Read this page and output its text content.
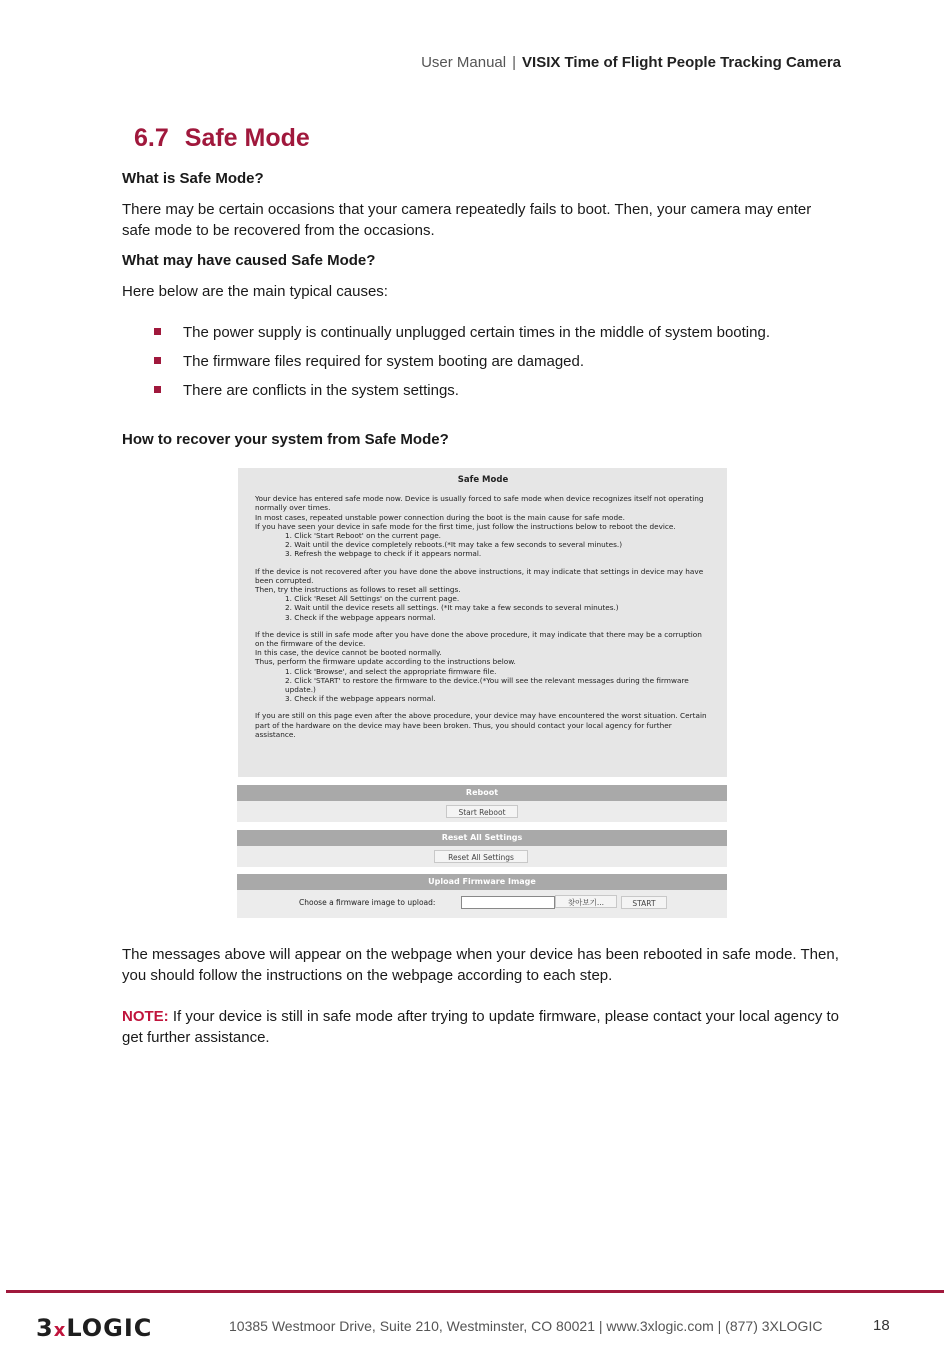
User Manual | VISIX Time of Flight People Tracking Camera
6.7 Safe Mode
What is Safe Mode?
There may be certain occasions that your camera repeatedly fails to boot. Then, your camera may enter safe mode to be recovered from the occasions.
What may have caused Safe Mode?
Here below are the main typical causes:
The power supply is continually unplugged certain times in the middle of system booting.
The firmware files required for system booting are damaged.
There are conflicts in the system settings.
How to recover your system from Safe Mode?
Safe Mode
Your device has entered safe mode now. Device is usually forced to safe mode when device recognizes itself not operating normally over times.
In most cases, repeated unstable power connection during the boot is the main cause for safe mode.
If you have seen your device in safe mode for the first time, just follow the instructions below to reboot the device.
1. Click 'Start Reboot' on the current page.
2. Wait until the device completely reboots.(*It may take a few seconds to several minutes.)
3. Refresh the webpage to check if it appears normal.
If the device is not recovered after you have done the above instructions, it may indicate that settings in device may have been corrupted.
Then, try the instructions as follows to reset all settings.
1. Click 'Reset All Settings' on the current page.
2. Wait until the device resets all settings. (*It may take a few seconds to several minutes.)
3. Check if the webpage appears normal.
If the device is still in safe mode after you have done the above procedure, it may indicate that there may be a corruption on the firmware of the device.
In this case, the device cannot be booted normally.
Thus, perform the firmware update according to the instructions below.
1. Click 'Browse', and select the appropriate firmware file.
2. Click 'START' to restore the firmware to the device.(*You will see the relevant messages during the firmware update.)
3. Check if the webpage appears normal.
If you are still on this page even after the above procedure, your device may have encountered the worst situation. Certain part of the hardware on the device may have been broken. Thus, you should contact your local agency for further assistance.
Reboot
Start Reboot
Reset All Settings
Reset All Settings
Upload Firmware Image
Choose a firmware image to upload:	찾아보기...	START
The messages above will appear on the webpage when your device has been rebooted in safe mode. Then, you should follow the instructions on the webpage according to each step.
NOTE: If your device is still in safe mode after trying to update firmware, please contact your local agency to get further assistance.
3xLOGIC	10385 Westmoor Drive, Suite 210, Westminster, CO 80021 | www.3xlogic.com | (877) 3XLOGIC	18
